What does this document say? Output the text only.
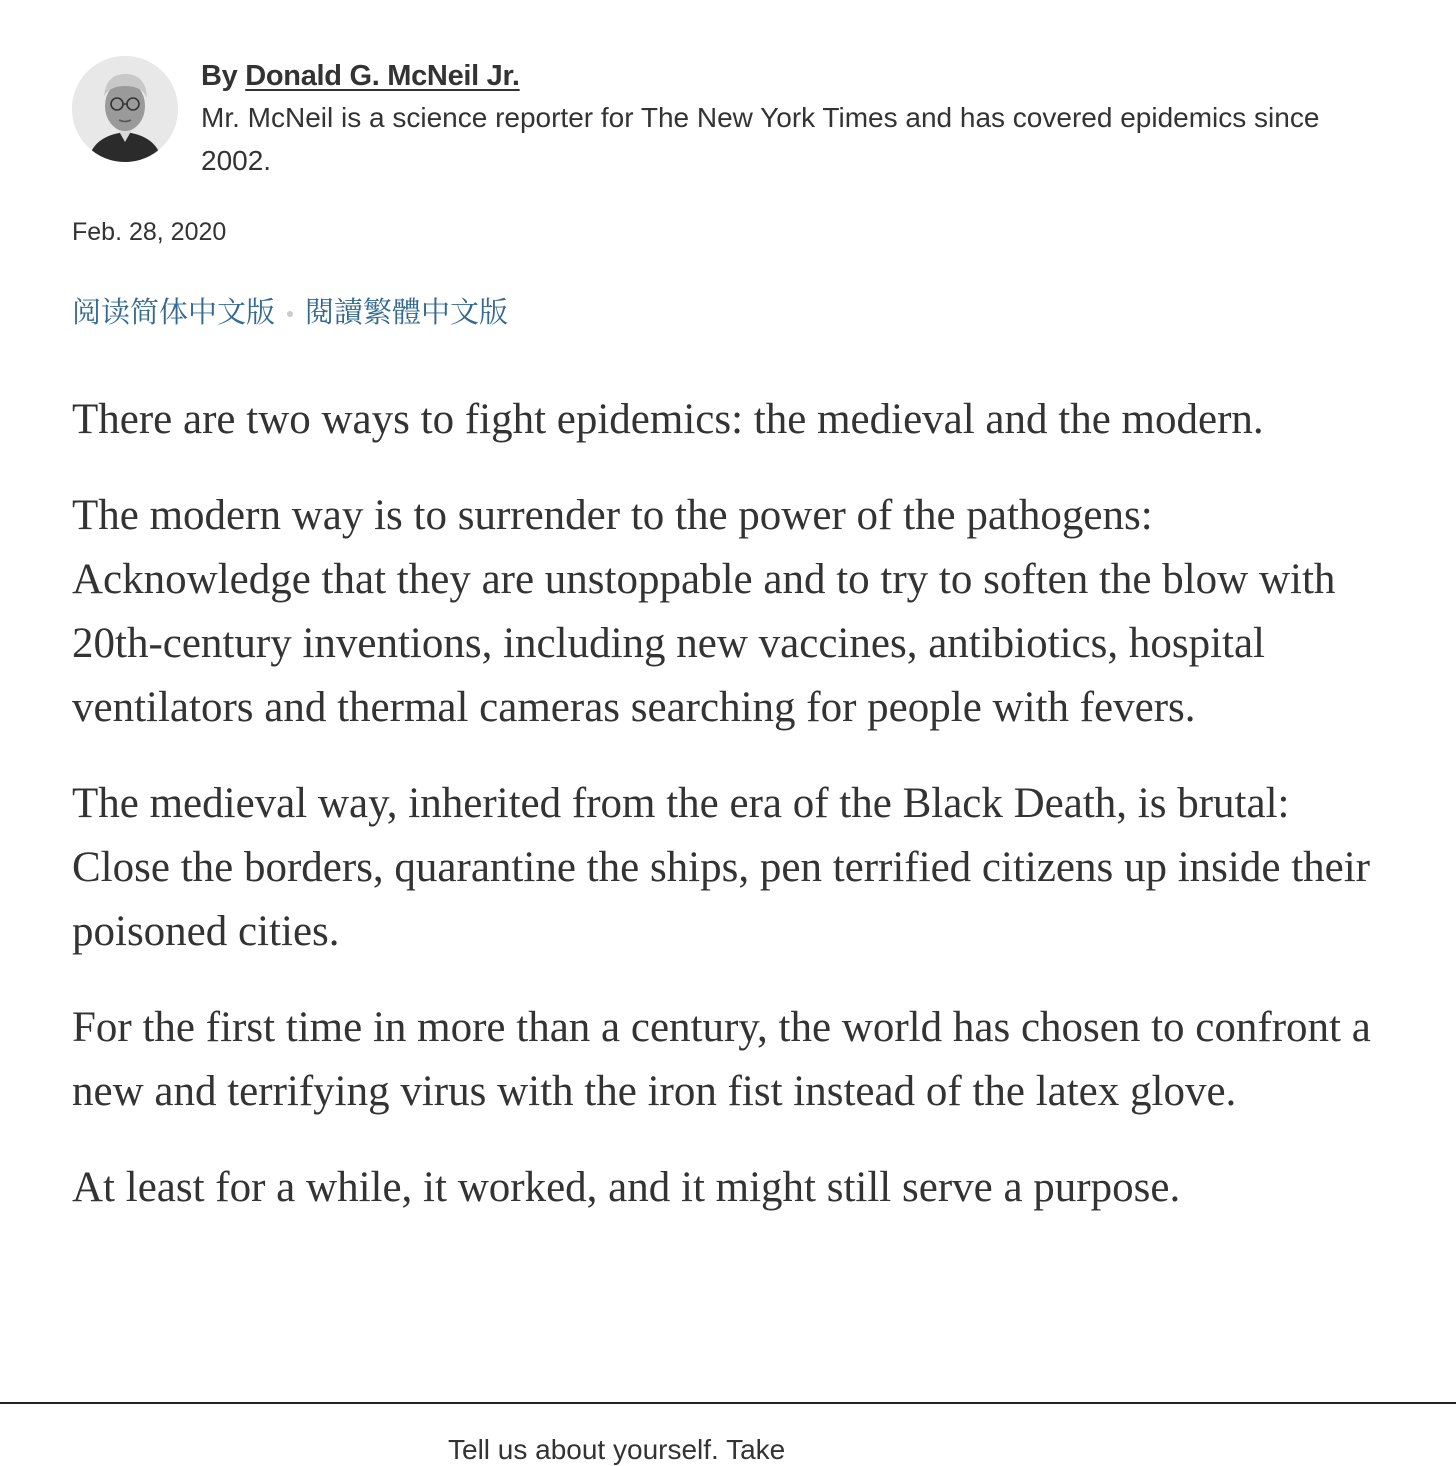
By Donald G. McNeil Jr.
Mr. McNeil is a science reporter for The New York Times and has covered epidemics since 2002.
Feb. 28, 2020
阅读简体中文版 閱讀繁體中文版

There are two ways to fight epidemics: the medieval and the modern.

The modern way is to surrender to the power of the pathogens: Acknowledge that they are unstoppable and to try to soften the blow with 20th-century inventions, including new vaccines, antibiotics, hospital ventilators and thermal cameras searching for people with fevers.

The medieval way, inherited from the era of the Black Death, is brutal: Close the borders, quarantine the ships, pen terrified citizens up inside their poisoned cities.

For the first time in more than a century, the world has chosen to confront a new and terrifying virus with the iron fist instead of the latex glove.

At least for a while, it worked, and it might still serve a purpose.

Tell us about yourself. Take
